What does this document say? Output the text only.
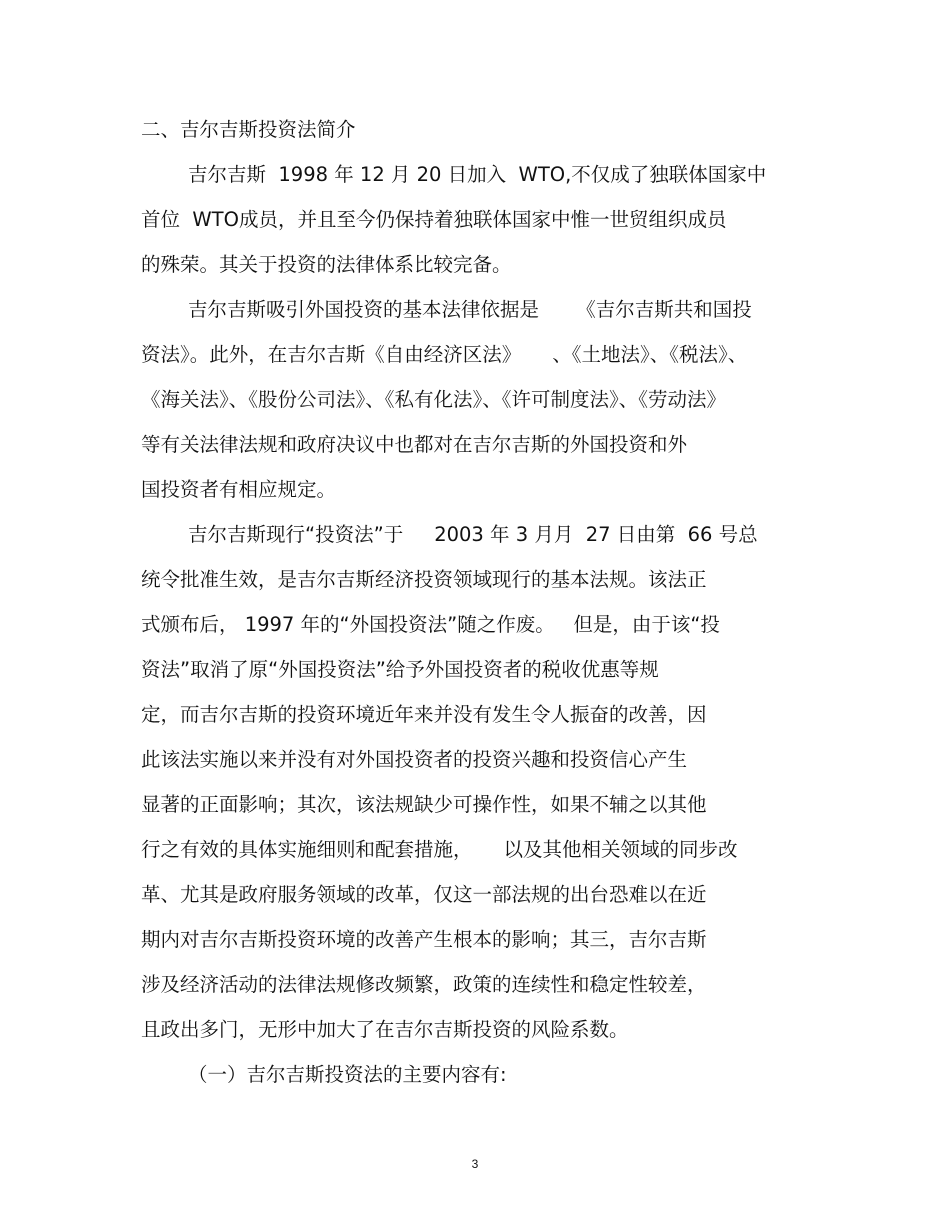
二、吉尔吉斯投资法简介
吉尔吉斯  1998 年 12 月 20 日加入  WTO,不仅成了独联体国家中
首位  WTO成员，并且至今仍保持着独联体国家中惟一世贸组织成员
的殊荣。其关于投资的法律体系比较完备。
吉尔吉斯吸引外国投资的基本法律依据是      《吉尔吉斯共和国投
资法》。此外，在吉尔吉斯《自由经济区法》     、《土地法》、《税法》、
《海关法》、《股份公司法》、《私有化法》、《许可制度法》、《劳动法》
等有关法律法规和政府决议中也都对在吉尔吉斯的外国投资和外
国投资者有相应规定。
吉尔吉斯现行“投资法”于     2003 年 3 月月  27 日由第  66 号总
统令批准生效，是吉尔吉斯经济投资领域现行的基本法规。该法正
式颁布后， 1997 年的“外国投资法”随之作废。   但是，由于该“投
资法”取消了原“外国投资法”给予外国投资者的税收优惠等规
定，而吉尔吉斯的投资环境近年来并没有发生令人振奋的改善，因
此该法实施以来并没有对外国投资者的投资兴趣和投资信心产生
显著的正面影响；其次，该法规缺少可操作性，如果不辅之以其他
行之有效的具体实施细则和配套措施，     以及其他相关领域的同步改
革、尤其是政府服务领域的改革，仅这一部法规的出台恐难以在近
期内对吉尔吉斯投资环境的改善产生根本的影响；其三，吉尔吉斯
涉及经济活动的法律法规修改频繁，政策的连续性和稳定性较差，
且政出多门，无形中加大了在吉尔吉斯投资的风险系数。
（一）吉尔吉斯投资法的主要内容有:
3
